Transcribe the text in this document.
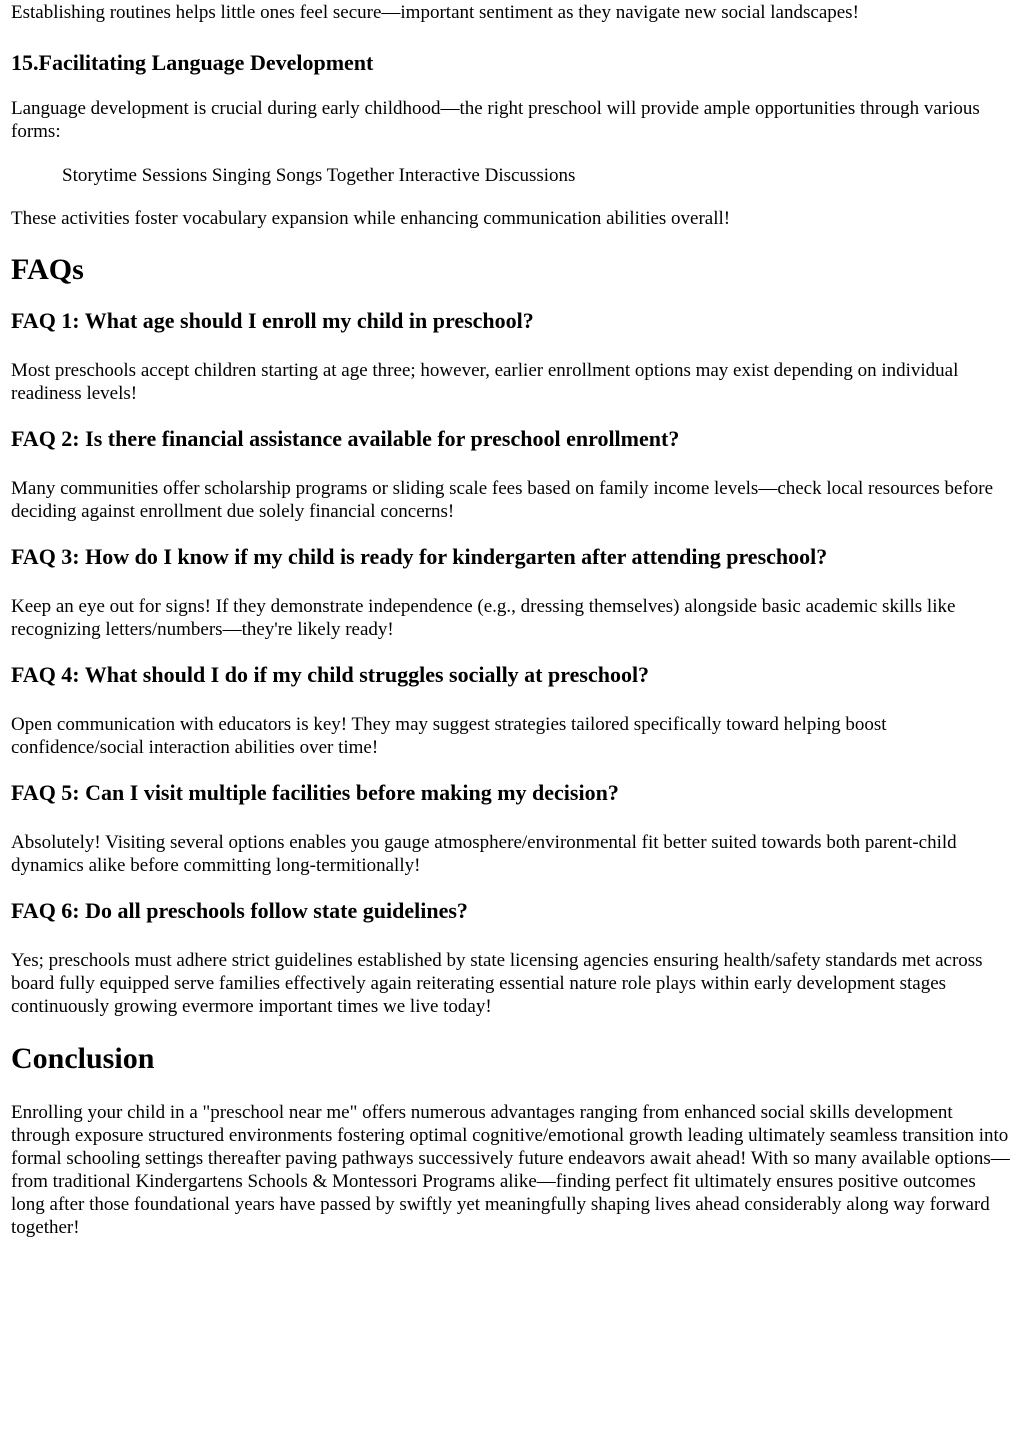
Establishing routines helps little ones feel secure—important sentiment as they navigate new social landscapes!

15.Facilitating Language Development

Language development is crucial during early childhood—the right preschool will provide ample opportunities through various forms:

Storytime Sessions Singing Songs Together Interactive Discussions

These activities foster vocabulary expansion while enhancing communication abilities overall!

FAQs
FAQ 1: What age should I enroll my child in preschool?

Most preschools accept children starting at age three; however, earlier enrollment options may exist depending on individual readiness levels!

FAQ 2: Is there financial assistance available for preschool enrollment?

Many communities offer scholarship programs or sliding scale fees based on family income levels—check local resources before deciding against enrollment due solely financial concerns!

FAQ 3: How do I know if my child is ready for kindergarten after attending preschool?

Keep an eye out for signs! If they demonstrate independence (e.g., dressing themselves) alongside basic academic skills like recognizing letters/numbers—they're likely ready!

FAQ 4: What should I do if my child struggles socially at preschool?

Open communication with educators is key! They may suggest strategies tailored specifically toward helping boost confidence/social interaction abilities over time!

FAQ 5: Can I visit multiple facilities before making my decision?

Absolutely! Visiting several options enables you gauge atmosphere/environmental fit better suited towards both parent-child dynamics alike before committing long-termitionally!

FAQ 6: Do all preschools follow state guidelines?

Yes; preschools must adhere strict guidelines established by state licensing agencies ensuring health/safety standards met across board fully equipped serve families effectively again reiterating essential nature role plays within early development stages continuously growing evermore important times we live today!

Conclusion

Enrolling your child in a "preschool near me" offers numerous advantages ranging from enhanced social skills development through exposure structured environments fostering optimal cognitive/emotional growth leading ultimately seamless transition into formal schooling settings thereafter paving pathways successively future endeavors await ahead! With so many available options—from traditional Kindergartens Schools & Montessori Programs alike—finding perfect fit ultimately ensures positive outcomes long after those foundational years have passed by swiftly yet meaningfully shaping lives ahead considerably along way forward together!
